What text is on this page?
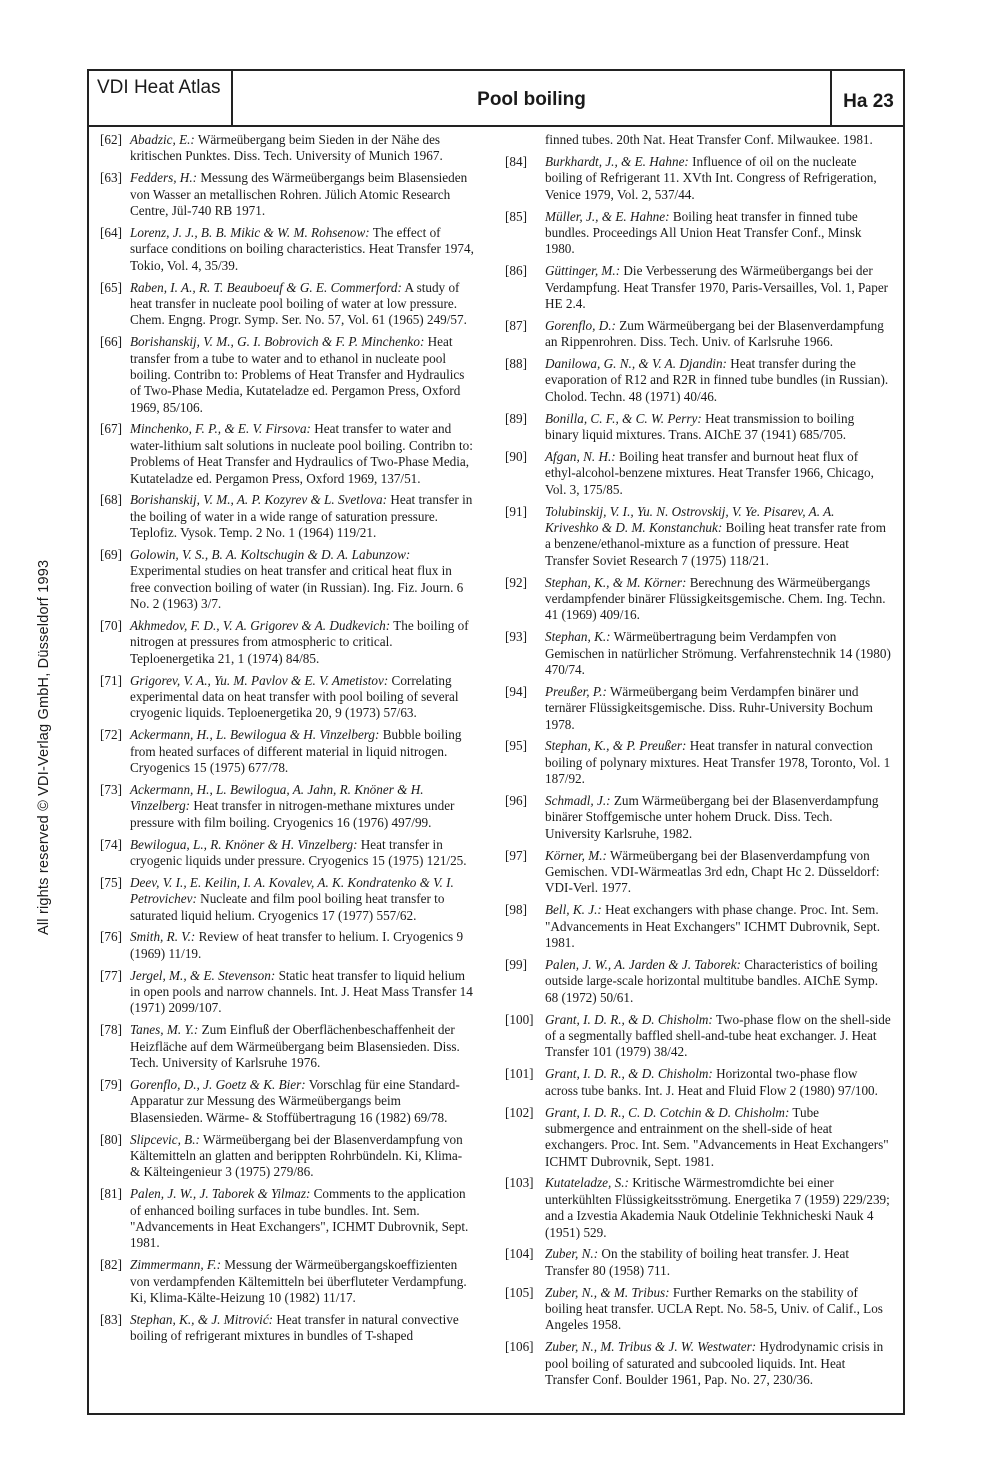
VDI Heat Atlas
Pool boiling	Ha 23
All rights reserved © VDI-Verlag GmbH, Düsseldorf 1993
[62] Abadzic, E.: Wärmeübergang beim Sieden in der Nähe des kritischen Punktes. Diss. Tech. University of Munich 1967.
[63] Fedders, H.: Messung des Wärmeübergangs beim Blasensieden von Wasser an metallischen Rohren. Jülich Atomic Research Centre, Jül-740 RB 1971.
[64] Lorenz, J. J., B. B. Mikic & W. M. Rohsenow: The effect of surface conditions on boiling characteristics. Heat Transfer 1974, Tokio, Vol. 4, 35/39.
[65] Raben, I. A., R. T. Beauboeuf & G. E. Commerford: A study of heat transfer in nucleate pool boiling of water at low pressure. Chem. Engng. Progr. Symp. Ser. No. 57, Vol. 61 (1965) 249/57.
[66] Borishanskij, V. M., G. I. Bobrovich & F. P. Minchenko: Heat transfer from a tube to water and to ethanol in nucleate pool boiling. Contribn to: Problems of Heat Transfer and Hydraulics of Two-Phase Media, Kutateladze ed. Pergamon Press, Oxford 1969, 85/106.
[67] Minchenko, F. P., & E. V. Firsova: Heat transfer to water and water-lithium salt solutions in nucleate pool boiling. Contribn to: Problems of Heat Transfer and Hydraulics of Two-Phase Media, Kutateladze ed. Pergamon Press, Oxford 1969, 137/51.
[68] Borishanskij, V. M., A. P. Kozyrev & L. Svetlova: Heat transfer in the boiling of water in a wide range of saturation pressure. Teplofiz. Vysok. Temp. 2 No. 1 (1964) 119/21.
[69] Golowin, V. S., B. A. Koltschugin & D. A. Labunzow: Experimental studies on heat transfer and critical heat flux in free convection boiling of water (in Russian). Ing. Fiz. Journ. 6 No. 2 (1963) 3/7.
[70] Akhmedov, F. D., V. A. Grigorev & A. Dudkevich: The boiling of nitrogen at pressures from atmospheric to critical. Teploenergetika 21, 1 (1974) 84/85.
[71] Grigorev, V. A., Yu. M. Pavlov & E. V. Ametistov: Correlating experimental data on heat transfer with pool boiling of several cryogenic liquids. Teploenergetika 20, 9 (1973) 57/63.
[72] Ackermann, H., L. Bewilogua & H. Vinzelberg: Bubble boiling from heated surfaces of different material in liquid nitrogen. Cryogenics 15 (1975) 677/78.
[73] Ackermann, H., L. Bewilogua, A. Jahn, R. Knöner & H. Vinzelberg: Heat transfer in nitrogen-methane mixtures under pressure with film boiling. Cryogenics 16 (1976) 497/99.
[74] Bewilogua, L., R. Knöner & H. Vinzelberg: Heat transfer in cryogenic liquids under pressure. Cryogenics 15 (1975) 121/25.
[75] Deev, V. I., E. Keilin, I. A. Kovalev, A. K. Kondratenko & V. I. Petrovichev: Nucleate and film pool boiling heat transfer to saturated liquid helium. Cryogenics 17 (1977) 557/62.
[76] Smith, R. V.: Review of heat transfer to helium. I. Cryogenics 9 (1969) 11/19.
[77] Jergel, M., & E. Stevenson: Static heat transfer to liquid helium in open pools and narrow channels. Int. J. Heat Mass Transfer 14 (1971) 2099/107.
[78] Tanes, M. Y.: Zum Einfluß der Oberflächenbeschaffenheit der Heizfläche auf dem Wärmeübergang beim Blasensieden. Diss. Tech. University of Karlsruhe 1976.
[79] Gorenflo, D., J. Goetz & K. Bier: Vorschlag für eine Standard-Apparatur zur Messung des Wärmeübergangs beim Blasensieden. Wärme- & Stoffübertragung 16 (1982) 69/78.
[80] Slipcevic, B.: Wärmeübergang bei der Blasenverdampfung von Kältemitteln an glatten and berippten Rohrbündeln. Ki, Klima- & Kälteingenieur 3 (1975) 279/86.
[81] Palen, J. W., J. Taborek & Yilmaz: Comments to the application of enhanced boiling surfaces in tube bundles. Int. Sem. "Advancements in Heat Exchangers", ICHMT Dubrovnik, Sept. 1981.
[82] Zimmermann, F.: Messung der Wärmeübergangskoeffizienten von verdampfenden Kältemitteln bei überfluteter Verdampfung. Ki, Klima-Kälte-Heizung 10 (1982) 11/17.
[83] Stephan, K., & J. Mitrović: Heat transfer in natural convective boiling of refrigerant mixtures in bundles of T-shaped
finned tubes. 20th Nat. Heat Transfer Conf. Milwaukee. 1981.
[84]	Burkhardt, J., & E. Hahne: Influence of oil on the nucleate boiling of Refrigerant 11. XVth Int. Congress of Refrigeration, Venice 1979, Vol. 2, 537/44.
[85]	Müller, J., & E. Hahne: Boiling heat transfer in finned tube bundles. Proceedings All Union Heat Transfer Conf., Minsk 1980.
[86]	Güttinger, M.: Die Verbesserung des Wärmeübergangs bei der Verdampfung. Heat Transfer 1970, Paris-Versailles, Vol. 1, Paper HE 2.4.
[87]	Gorenflo, D.: Zum Wärmeübergang bei der Blasenverdampfung an Rippenrohren. Diss. Tech. Univ. of Karlsruhe 1966.
[88]	Danilowa, G. N., & V. A. Djandin: Heat transfer during the evaporation of R12 and R2R in finned tube bundles (in Russian). Cholod. Techn. 48 (1971) 40/46.
[89]	Bonilla, C. F., & C. W. Perry: Heat transmission to boiling binary liquid mixtures. Trans. AIChE 37 (1941) 685/705.
[90]	Afgan, N. H.: Boiling heat transfer and burnout heat flux of ethyl-alcohol-benzene mixtures. Heat Transfer 1966, Chicago, Vol. 3, 175/85.
[91]	Tolubinskij, V. I., Yu. N. Ostrovskij, V. Ye. Pisarev, A. A. Kriveshko & D. M. Konstanchuk: Boiling heat transfer rate from a benzene/ethanol-mixture as a function of pressure. Heat Transfer Soviet Research 7 (1975) 118/21.
[92]	Stephan, K., & M. Körner: Berechnung des Wärmeübergangs verdampfender binärer Flüssigkeitsgemische. Chem. Ing. Techn. 41 (1969) 409/16.
[93]	Stephan, K.: Wärmeübertragung beim Verdampfen von Gemischen in natürlicher Strömung. Verfahrenstechnik 14 (1980) 470/74.
[94]	Preußer, P.: Wärmeübergang beim Verdampfen binärer und ternärer Flüssigkeitsgemische. Diss. Ruhr-University Bochum 1978.
[95]	Stephan, K., & P. Preußer: Heat transfer in natural convection boiling of polynary mixtures. Heat Transfer 1978, Toronto, Vol. 1 187/92.
[96]	Schmadl, J.: Zum Wärmeübergang bei der Blasenverdampfung binärer Stoffgemische unter hohem Druck. Diss. Tech. University Karlsruhe, 1982.
[97]	Körner, M.: Wärmeübergang bei der Blasenverdampfung von Gemischen. VDI-Wärmeatlas 3rd edn, Chapt Hc 2. Düsseldorf: VDI-Verl. 1977.
[98]	Bell, K. J.: Heat exchangers with phase change. Proc. Int. Sem. "Advancements in Heat Exchangers" ICHMT Dubrovnik, Sept. 1981.
[99]	Palen, J. W., A. Jarden & J. Taborek: Characteristics of boiling outside large-scale horizontal multitube bandles. AIChE Symp. 68 (1972) 50/61.
[100] Grant, I. D. R., & D. Chisholm: Two-phase flow on the shell-side of a segmentally baffled shell-and-tube heat exchanger. J. Heat Transfer 101 (1979) 38/42.
[101] Grant, I. D. R., & D. Chisholm: Horizontal two-phase flow across tube banks. Int. J. Heat and Fluid Flow 2 (1980) 97/100.
[102] Grant, I. D. R., C. D. Cotchin & D. Chisholm: Tube submergence and entrainment on the shell-side of heat exchangers. Proc. Int. Sem. "Advancements in Heat Exchangers" ICHMT Dubrovnik, Sept. 1981.
[103] Kutateladze, S.: Kritische Wärmestromdichte bei einer unterkühlten Flüssigkeitsströmung. Energetika 7 (1959) 229/239; and a Izvestia Akademia Nauk Otdelinie Tekhnicheski Nauk 4 (1951) 529.
[104] Zuber, N.: On the stability of boiling heat transfer. J. Heat Transfer 80 (1958) 711.
[105] Zuber, N., & M. Tribus: Further Remarks on the stability of boiling heat transfer. UCLA Rept. No. 58-5, Univ. of Calif., Los Angeles 1958.
[106] Zuber, N., M. Tribus & J. W. Westwater: Hydrodynamic crisis in pool boiling of saturated and subcooled liquids. Int. Heat Transfer Conf. Boulder 1961, Pap. No. 27, 230/36.
